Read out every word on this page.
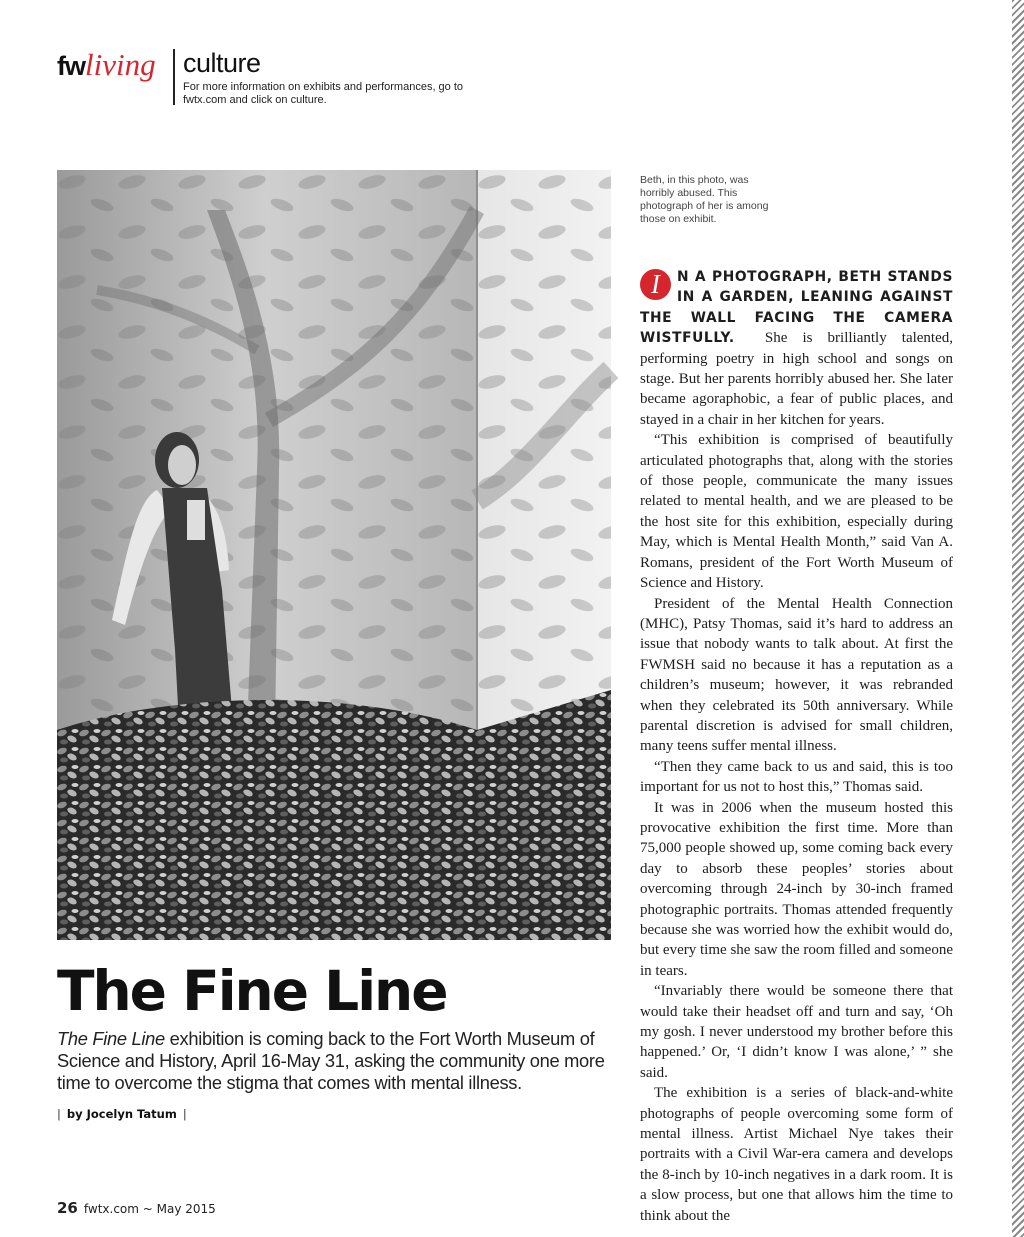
fwliving culture
For more information on exhibits and performances, go to fwtx.com and click on culture.
Beth, in this photo, was horribly abused. This photograph of her is among those on exhibit.
The Fine Line
The Fine Line exhibition is coming back to the Fort Worth Museum of Science and History, April 16-May 31, asking the community one more time to overcome the stigma that comes with mental illness.
| by Jocelyn Tatum |

I	N A PHOTOGRAPH, BETH STANDS IN A GARDEN, LEANING AGAINST THE WALL FACING THE CAMERA WISTFULLY. She is brilliantly talented, performing poetry in high school and songs on stage. But her parents horribly abused her. She later became agoraphobic, a fear of public places, and stayed in a chair in her kitchen for years.

“This exhibition is comprised of beautifully articulated photographs that, along with the stories of those people, communicate the many issues related to mental health, and we are pleased to be the host site for this exhibition, especially during May, which is Mental Health Month,” said Van A. Romans, president of the Fort Worth Museum of Science and History.

President of the Mental Health Connection (MHC), Patsy Thomas, said it’s hard to address an issue that nobody wants to talk about. At first the FWMSH said no because it has a reputation as a children’s museum; however, it was rebranded when they celebrated its 50th anniversary. While parental discretion is advised for small children, many teens suffer mental illness.

“Then they came back to us and said, this is too important for us not to host this,” Thomas said.

It was in 2006 when the museum hosted this provocative exhibition the first time. More than 75,000 people showed up, some coming back every day to absorb these peoples’ stories about overcoming through 24-inch by 30-inch framed photographic portraits. Thomas attended frequently because she was worried how the exhibit would do, but every time she saw the room filled and someone in tears.

“Invariably there would be someone there that would take their headset off and turn and say, ‘Oh my gosh. I never understood my brother before this happened.’ Or, ‘I didn’t know I was alone,’ ” she said.

The exhibition is a series of black-and-white photographs of people overcoming some form of mental illness. Artist Michael Nye takes their portraits with a Civil War-era camera and develops the 8-inch by 10-inch negatives in a dark room. It is a slow process, but one that allows him the time to think about the

26 fwtx.com ~ May 2015
